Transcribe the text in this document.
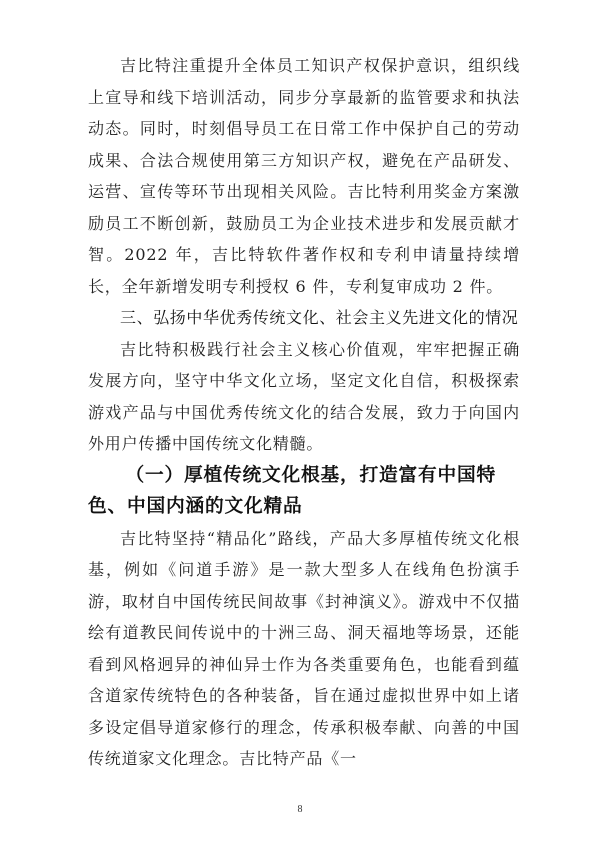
吉比特注重提升全体员工知识产权保护意识，组织线上宣导和线下培训活动，同步分享最新的监管要求和执法动态。同时，时刻倡导员工在日常工作中保护自己的劳动成果、合法合规使用第三方知识产权，避免在产品研发、运营、宣传等环节出现相关风险。吉比特利用奖金方案激励员工不断创新，鼓励员工为企业技术进步和发展贡献才智。2022 年，吉比特软件著作权和专利申请量持续增长，全年新增发明专利授权 6 件，专利复审成功 2 件。

三、弘扬中华优秀传统文化、社会主义先进文化的情况

吉比特积极践行社会主义核心价值观，牢牢把握正确发展方向，坚守中华文化立场，坚定文化自信，积极探索游戏产品与中国优秀传统文化的结合发展，致力于向国内外用户传播中国传统文化精髓。

（一）厚植传统文化根基，打造富有中国特色、中国内涵的文化精品

吉比特坚持“精品化”路线，产品大多厚植传统文化根基，例如《问道手游》是一款大型多人在线角色扮演手游，取材自中国传统民间故事《封神演义》。游戏中不仅描绘有道教民间传说中的十洲三岛、洞天福地等场景，还能看到风格迥异的神仙异士作为各类重要角色，也能看到蕴含道家传统特色的各种装备，旨在通过虚拟世界中如上诸多设定倡导道家修行的理念，传承积极奉献、向善的中国传统道家文化理念。吉比特产品《一

8
